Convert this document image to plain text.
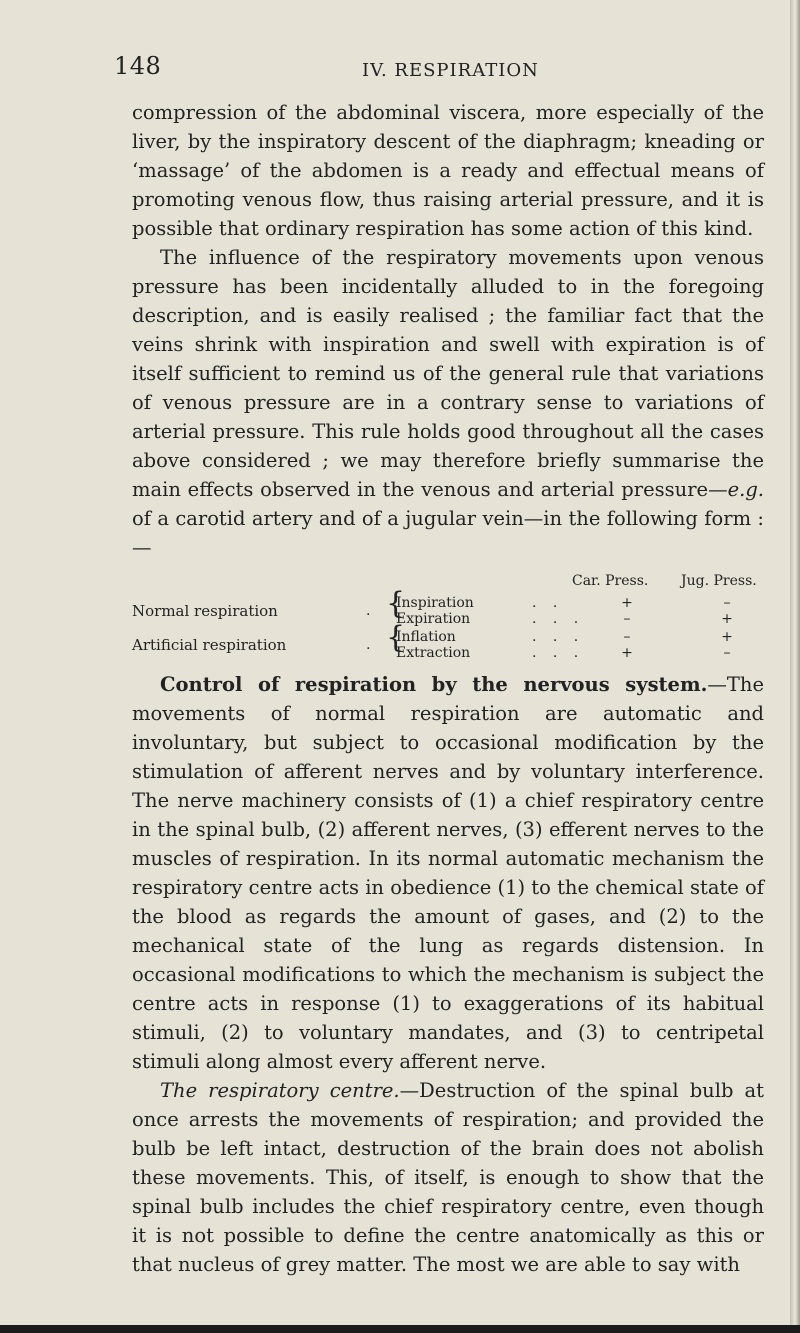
148	IV. RESPIRATION

compression of the abdominal viscera, more especially of the liver, by the inspiratory descent of the diaphragm; kneading or ‘massage’ of the abdomen is a ready and effectual means of promoting venous flow, thus raising arterial pressure, and it is possible that ordinary respiration has some action of this kind.

The influence of the respiratory movements upon venous pressure has been incidentally alluded to in the foregoing description, and is easily realised ; the familiar fact that the veins shrink with inspiration and swell with expiration is of itself sufficient to remind us of the general rule that variations of venous pressure are in a contrary sense to variations of arterial pressure. This rule holds good throughout all the cases above considered ; we may therefore briefly summarise the main effects observed in the venous and arterial pressure—e.g. of a carotid artery and of a jugular vein—in the following form :—

Car. Press. Jug. Press.
Normal respiration	. {
Inspiration	. .	+	–
Expiration	. . .	–	+
Artificial respiration	. {
Inflation	. . .	–	+
Extraction	. . .	+	–

Control of respiration by the nervous system.—The movements of normal respiration are automatic and involuntary, but subject to occasional modification by the stimulation of afferent nerves and by voluntary interference. The nerve machinery consists of (1) a chief respiratory centre in the spinal bulb, (2) afferent nerves, (3) efferent nerves to the muscles of respiration. In its normal automatic mechanism the respiratory centre acts in obedience (1) to the chemical state of the blood as regards the amount of gases, and (2) to the mechanical state of the lung as regards distension. In occasional modifications to which the mechanism is subject the centre acts in response (1) to exaggerations of its habitual stimuli, (2) to voluntary mandates, and (3) to centripetal stimuli along almost every afferent nerve.

The respiratory centre.—Destruction of the spinal bulb at once arrests the movements of respiration; and provided the bulb be left intact, destruction of the brain does not abolish these movements. This, of itself, is enough to show that the spinal bulb includes the chief respiratory centre, even though it is not possible to define the centre anatomically as this or that nucleus of grey matter. The most we are able to say with
